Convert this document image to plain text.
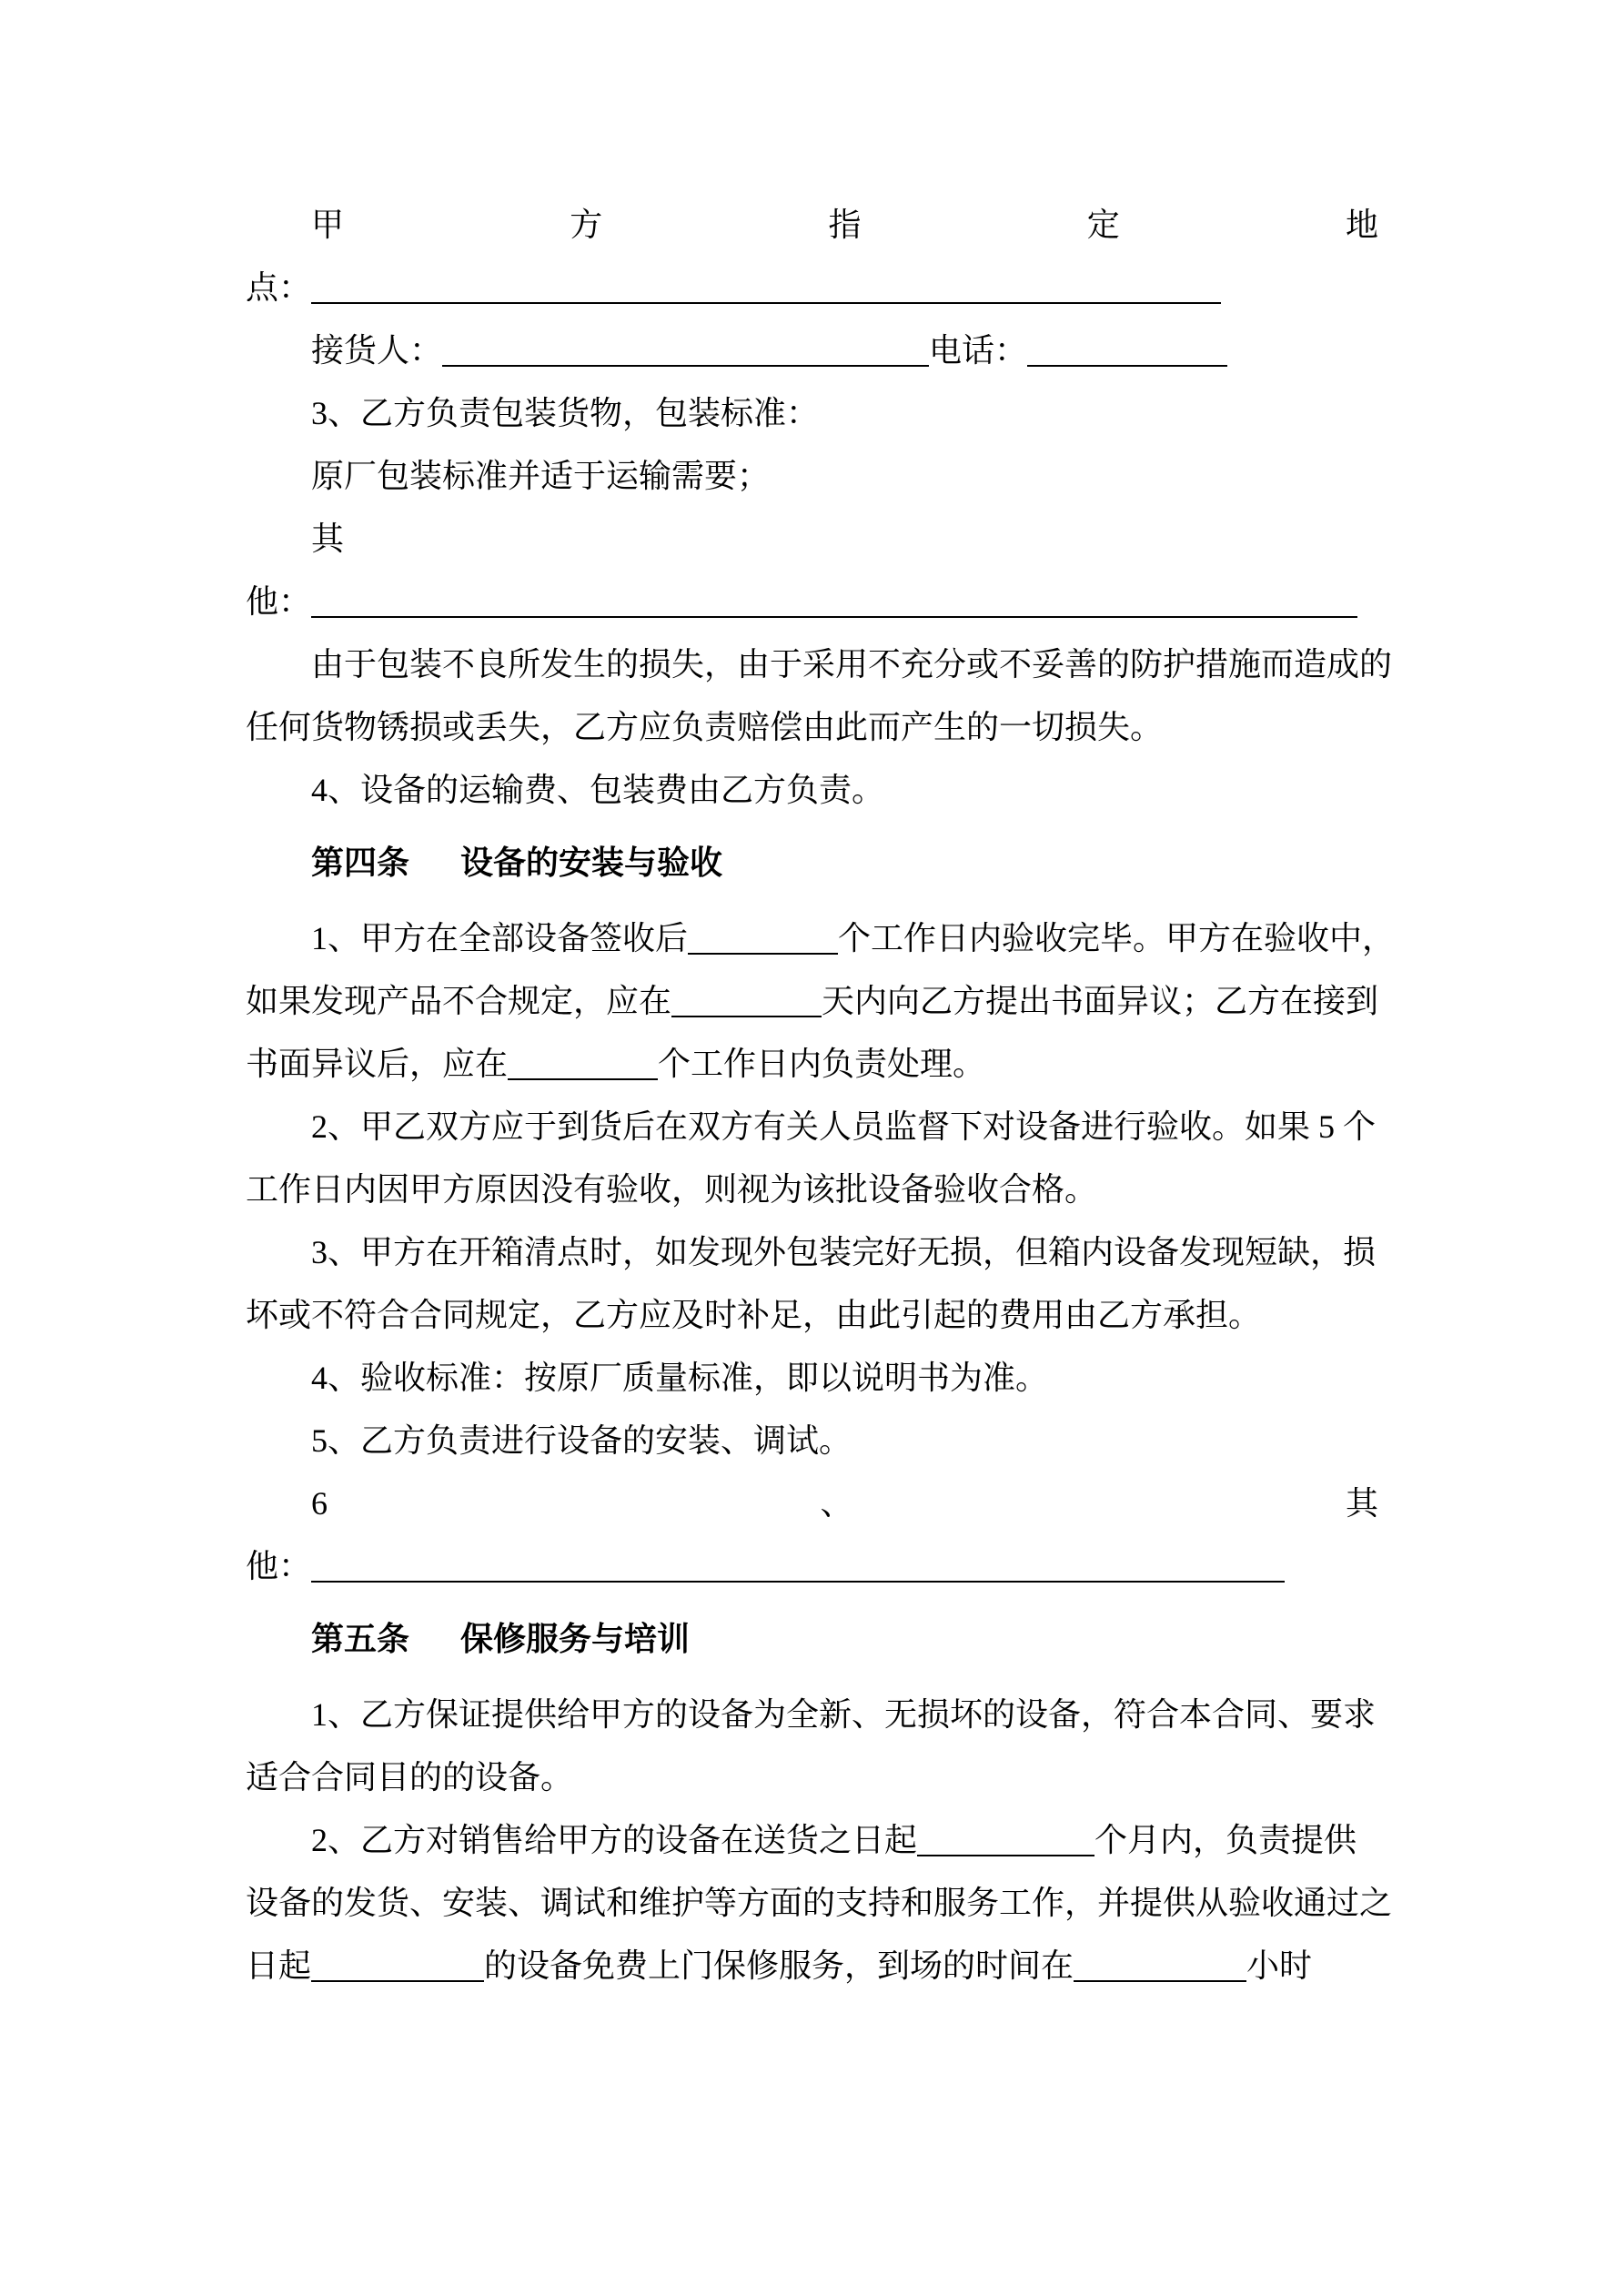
甲	方	指	定	地
点：
接货人：	电话：
3、乙方负责包装货物，包装标准：
原厂包装标准并适于运输需要；
其
他：
由于包装不良所发生的损失，由于采用不充分或不妥善的防护措施而造成的
任何货物锈损或丢失，乙方应负责赔偿由此而产生的一切损失。
4、设备的运输费、包装费由乙方负责。
第四条 设备的安装与验收
1、甲方在全部设备签收后	个工作日内验收完毕。甲方在验收中，
如果发现产品不合规定，应在	天内向乙方提出书面异议；乙方在接到
书面异议后，应在	个工作日内负责处理。
2、甲乙双方应于到货后在双方有关人员监督下对设备进行验收。如果 5 个
工作日内因甲方原因没有验收，则视为该批设备验收合格。
3、甲方在开箱清点时，如发现外包装完好无损，但箱内设备发现短缺，损
坏或不符合合同规定，乙方应及时补足，由此引起的费用由乙方承担。
4、验收标准：按原厂质量标准，即以说明书为准。
5、乙方负责进行设备的安装、调试。
6	、	其
他：
第五条 保修服务与培训
1、乙方保证提供给甲方的设备为全新、无损坏的设备，符合本合同、要求
适合合同目的的设备。
2、乙方对销售给甲方的设备在送货之日起	个月内，负责提供
设备的发货、安装、调试和维护等方面的支持和服务工作，并提供从验收通过之
日起	的设备免费上门保修服务，到场的时间在	小时
